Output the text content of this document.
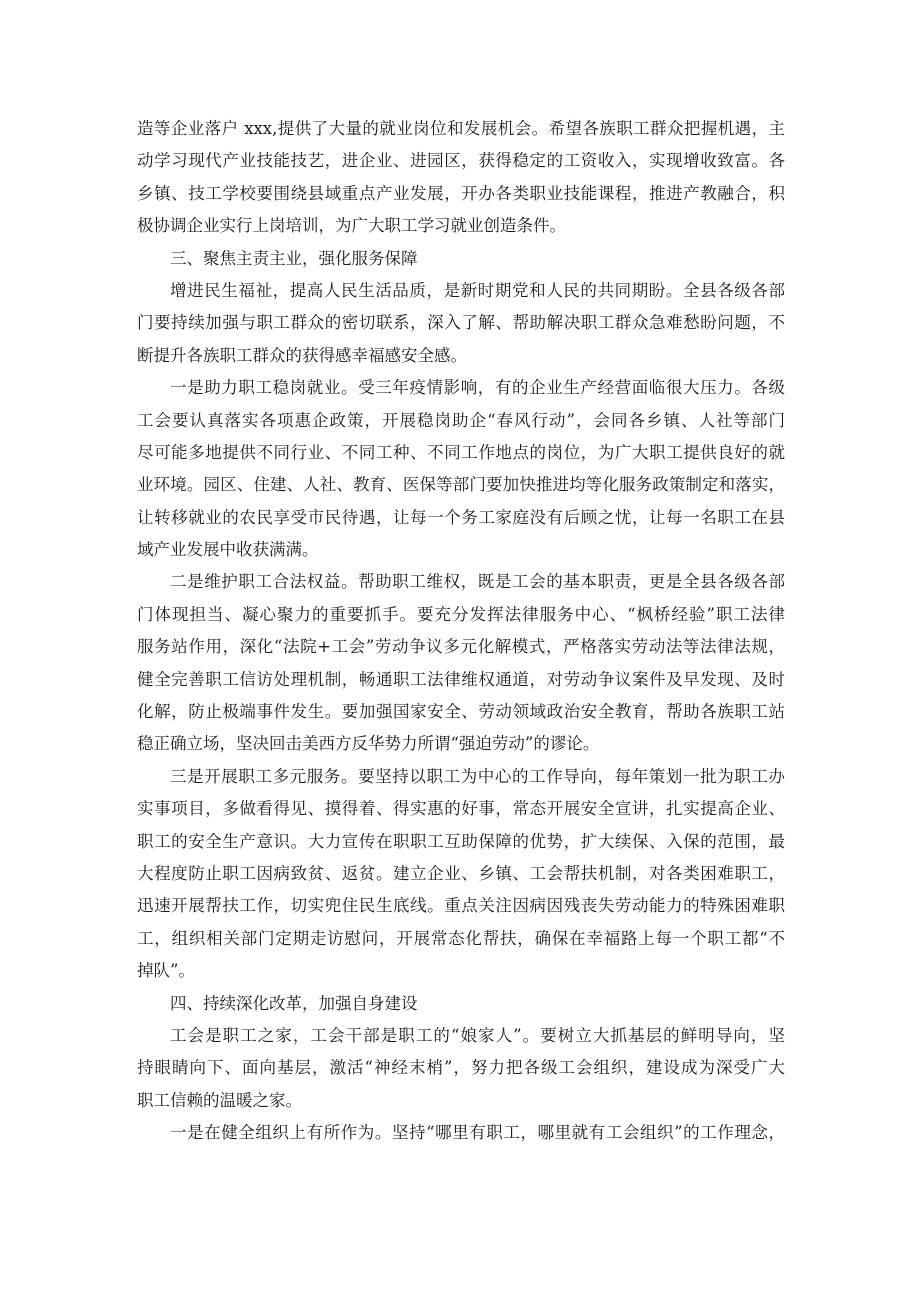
造等企业落户 xxx,提供了大量的就业岗位和发展机会。希望各族职工群众把握机遇，主
动学习现代产业技能技艺，进企业、进园区，获得稳定的工资收入，实现增收致富。各
乡镇、技工学校要围绕县域重点产业发展，开办各类职业技能课程，推进产教融合，积
极协调企业实行上岗培训，为广大职工学习就业创造条件。
三、聚焦主责主业，强化服务保障
增进民生福祉，提高人民生活品质，是新时期党和人民的共同期盼。全县各级各部
门要持续加强与职工群众的密切联系，深入了解、帮助解决职工群众急难愁盼问题，不
断提升各族职工群众的获得感幸福感安全感。
一是助力职工稳岗就业。受三年疫情影响，有的企业生产经营面临很大压力。各级
工会要认真落实各项惠企政策，开展稳岗助企“春风行动”，会同各乡镇、人社等部门
尽可能多地提供不同行业、不同工种、不同工作地点的岗位，为广大职工提供良好的就
业环境。园区、住建、人社、教育、医保等部门要加快推进均等化服务政策制定和落实，
让转移就业的农民享受市民待遇，让每一个务工家庭没有后顾之忧，让每一名职工在县
域产业发展中收获满满。
二是维护职工合法权益。帮助职工维权，既是工会的基本职责，更是全县各级各部
门体现担当、凝心聚力的重要抓手。要充分发挥法律服务中心、“枫桥经验”职工法律
服务站作用，深化“法院+工会”劳动争议多元化解模式，严格落实劳动法等法律法规，
健全完善职工信访处理机制，畅通职工法律维权通道，对劳动争议案件及早发现、及时
化解，防止极端事件发生。要加强国家安全、劳动领域政治安全教育，帮助各族职工站
稳正确立场，坚决回击美西方反华势力所谓“强迫劳动”的谬论。
三是开展职工多元服务。要坚持以职工为中心的工作导向，每年策划一批为职工办
实事项目，多做看得见、摸得着、得实惠的好事，常态开展安全宣讲，扎实提高企业、
职工的安全生产意识。大力宣传在职职工互助保障的优势，扩大续保、入保的范围，最
大程度防止职工因病致贫、返贫。建立企业、乡镇、工会帮扶机制，对各类困难职工，
迅速开展帮扶工作，切实兜住民生底线。重点关注因病因残丧失劳动能力的特殊困难职
工，组织相关部门定期走访慰问，开展常态化帮扶，确保在幸福路上每一个职工都“不
掉队”。
四、持续深化改革，加强自身建设
工会是职工之家，工会干部是职工的“娘家人”。要树立大抓基层的鲜明导向，坚
持眼睛向下、面向基层，激活“神经末梢”，努力把各级工会组织，建设成为深受广大
职工信赖的温暖之家。
一是在健全组织上有所作为。坚持“哪里有职工，哪里就有工会组织”的工作理念，
